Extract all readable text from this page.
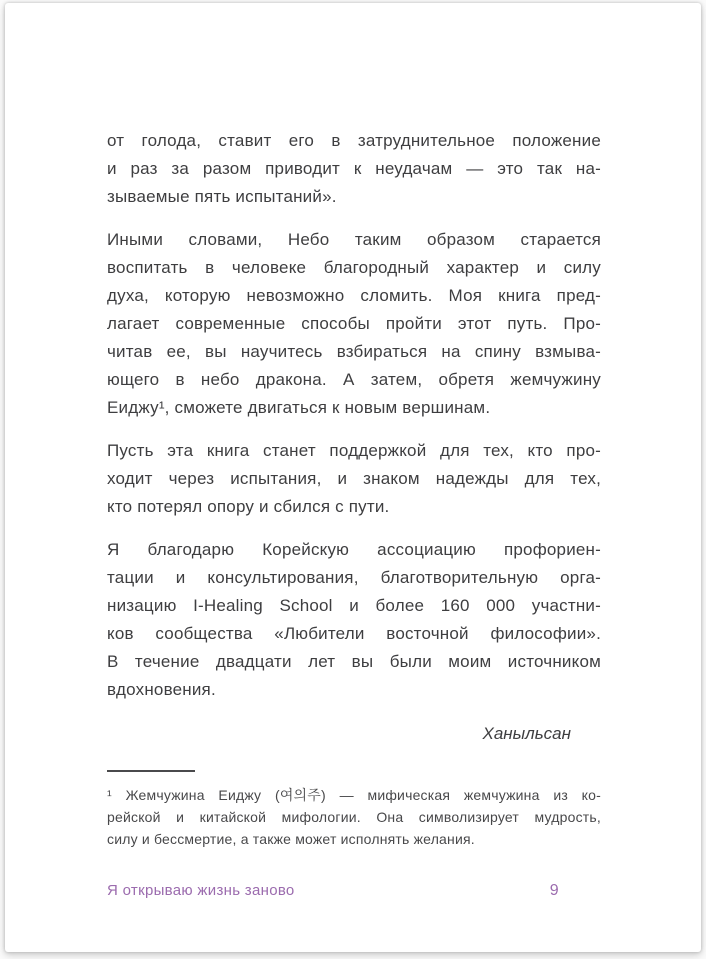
от голода, ставит его в затруднительное положение
и раз за разом приводит к неудачам — это так на-
зываемые пять испытаний».
Иными словами, Небо таким образом старается
воспитать в человеке благородный характер и силу
духа, которую невозможно сломить. Моя книга пред-
лагает современные способы пройти этот путь. Про-
читав ее, вы научитесь взбираться на спину взмыва-
ющего в небо дракона. А затем, обретя жемчужину
Еиджу¹, сможете двигаться к новым вершинам.
Пусть эта книга станет поддержкой для тех, кто про-
ходит через испытания, и знаком надежды для тех,
кто потерял опору и сбился с пути.
Я благодарю Корейскую ассоциацию профориен-
тации и консультирования, благотворительную орга-
низацию I-Healing School и более 160 000 участни-
ков сообщества «Любители восточной философии».
В течение двадцати лет вы были моим источником
вдохновения.
Ханыльсан
¹ Жемчужина Еиджу (여의주) — мифическая жемчужина из ко-
рейской и китайской мифологии. Она символизирует мудрость,
силу и бессмертие, а также может исполнять желания.
Я открываю жизнь заново	9
